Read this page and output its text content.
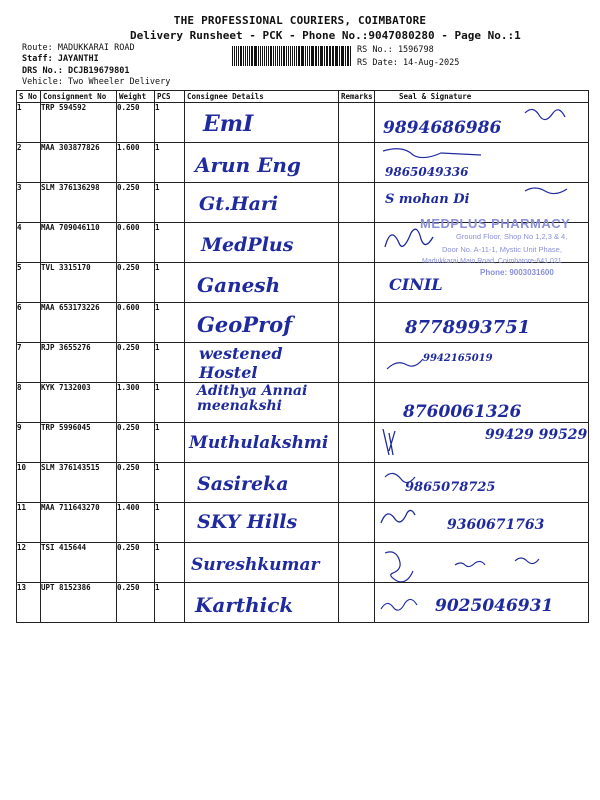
THE PROFESSIONAL COURIERS, COIMBATORE
Delivery Runsheet - PCK - Phone No.:9047080280 - Page No.:1
Route: MADUKKARAI ROAD
Staff: JAYANTHI
DRS No.: DCJB19679801
Vehicle: Two Wheeler Delivery
RS No.: 1596798
RS Date: 14-Aug-2025
S No	Consignment No	Weight	PCS	Consignee Details	Remarks	Seal & Signature
1	TRP 594592	0.250	1	EmI		9894686986

2	MAA 303877826	1.600	1	Arun Eng		9865049336

3	SLM 376136298	0.250	1	Gt.Hari		S mohan Di

4	MAA 709046110	0.600	1	MedPlus

5	TVL 3315170	0.250	1	Ganesh		CINIL

6	MAA 653173226	0.600	1	GeoProf		8778993751

7	RJP 3655276	0.250	1	westened Hostel		9942165019

8	KYK 7132003	1.300	1	Adithya Annai meenakshi		8760061326

9	TRP 5996045	0.250	1	Muthulakshmi		99429 99529

10	SLM 376143515	0.250	1	Sasireka		9865078725

11	MAA 711643270	1.400	1	SKY Hills		9360671763

12	TSI 415644	0.250	1	Sureshkumar

13	UPT 8152386	0.250	1	Karthick		9025046931
MEDPLUS PHARMACY
Ground Floor, Shop No 1,2,3 & 4,
Door No. A-11-1, Mystic Unit Phase,
Madukkarai Main Road, Coimbatore-641 021
Phone: 9003031600
